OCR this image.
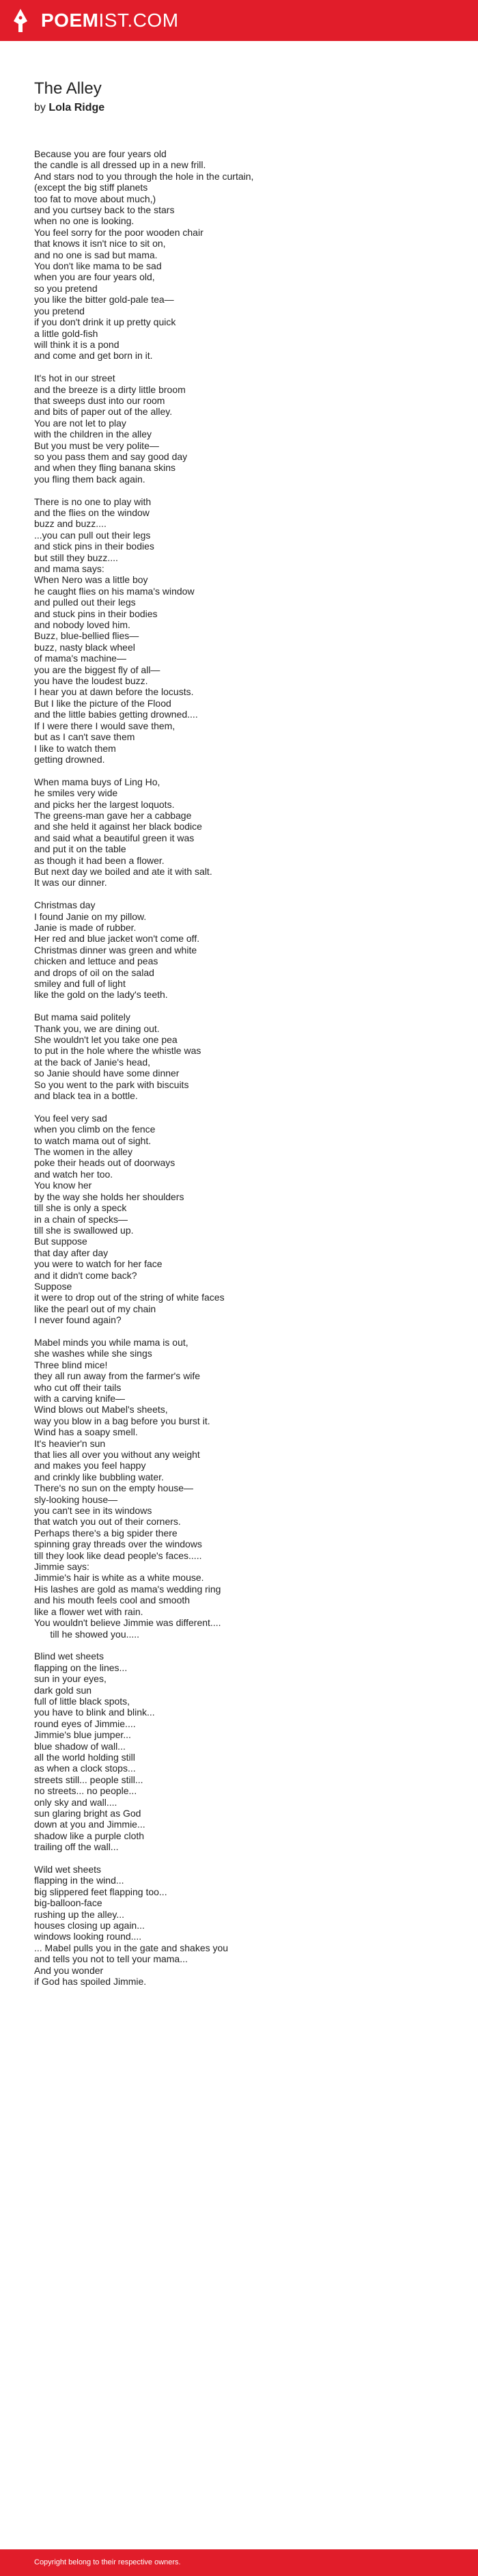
POEMIST.COM
The Alley
by Lola Ridge
Because you are four years old
the candle is all dressed up in a new frill.
And stars nod to you through the hole in the curtain,
(except the big stiff planets
too fat to move about much,)
and you curtsey back to the stars
when no one is looking.
You feel sorry for the poor wooden chair
that knows it isn't nice to sit on,
and no one is sad but mama.
You don't like mama to be sad
when you are four years old,
so you pretend
you like the bitter gold-pale tea—
you pretend
if you don't drink it up pretty quick
a little gold-fish
will think it is a pond
and come and get born in it.
It's hot in our street
and the breeze is a dirty little broom
that sweeps dust into our room
and bits of paper out of the alley.
You are not let to play
with the children in the alley
But you must be very polite—
so you pass them and say good day
and when they fling banana skins
you fling them back again.
There is no one to play with
and the flies on the window
buzz and buzz....
...you can pull out their legs
and stick pins in their bodies
but still they buzz....
and mama says:
When Nero was a little boy
he caught flies on his mama's window
and pulled out their legs
and stuck pins in their bodies
and nobody loved him.
Buzz, blue-bellied flies—
buzz, nasty black wheel
of mama's machine—
you are the biggest fly of all—
you have the loudest buzz.
I hear you at dawn before the locusts.
But I like the picture of the Flood
and the little babies getting drowned....
If I were there I would save them,
but as I can't save them
I like to watch them
getting drowned.
When mama buys of Ling Ho,
he smiles very wide
and picks her the largest loquots.
The greens-man gave her a cabbage
and she held it against her black bodice
and said what a beautiful green it was
and put it on the table
as though it had been a flower.
But next day we boiled and ate it with salt.
It was our dinner.
Christmas day
I found Janie on my pillow.
Janie is made of rubber.
Her red and blue jacket won't come off.
Christmas dinner was green and white
chicken and lettuce and peas
and drops of oil on the salad
smiley and full of light
like the gold on the lady's teeth.
But mama said politely
Thank you, we are dining out.
She wouldn't let you take one pea
to put in the hole where the whistle was
at the back of Janie's head,
so Janie should have some dinner
So you went to the park with biscuits
and black tea in a bottle.
You feel very sad
when you climb on the fence
to watch mama out of sight.
The women in the alley
poke their heads out of doorways
and watch her too.
You know her
by the way she holds her shoulders
till she is only a speck
in a chain of specks—
till she is swallowed up.
But suppose
that day after day
you were to watch for her face
and it didn't come back?
Suppose
it were to drop out of the string of white faces
like the pearl out of my chain
I never found again?
Mabel minds you while mama is out,
she washes while she sings
Three blind mice!
they all run away from the farmer's wife
who cut off their tails
with a carving knife—
Wind blows out Mabel's sheets,
way you blow in a bag before you burst it.
Wind has a soapy smell.
It's heavier'n sun
that lies all over you without any weight
and makes you feel happy
and crinkly like bubbling water.
There's no sun on the empty house—
sly-looking house—
you can't see in its windows
that watch you out of their corners.
Perhaps there's a big spider there
spinning gray threads over the windows
till they look like dead people's faces.....
Jimmie says:
Jimmie's hair is white as a white mouse.
His lashes are gold as mama's wedding ring
and his mouth feels cool and smooth
like a flower wet with rain.
You wouldn't believe Jimmie was different....
till he showed you.....
Blind wet sheets
flapping on the lines...
sun in your eyes,
dark gold sun
full of little black spots,
you have to blink and blink...
round eyes of Jimmie....
Jimmie's blue jumper...
blue shadow of wall...
all the world holding still
as when a clock stops...
streets still... people still...
no streets... no people...
only sky and wall....
sun glaring bright as God
down at you and Jimmie...
shadow like a purple cloth
trailing off the wall...
Wild wet sheets
flapping in the wind...
big slippered feet flapping too...
big-balloon-face
rushing up the alley...
houses closing up again...
windows looking round....
... Mabel pulls you in the gate and shakes you
and tells you not to tell your mama...
And you wonder
if God has spoiled Jimmie.
Copyright belong to their respective owners.
